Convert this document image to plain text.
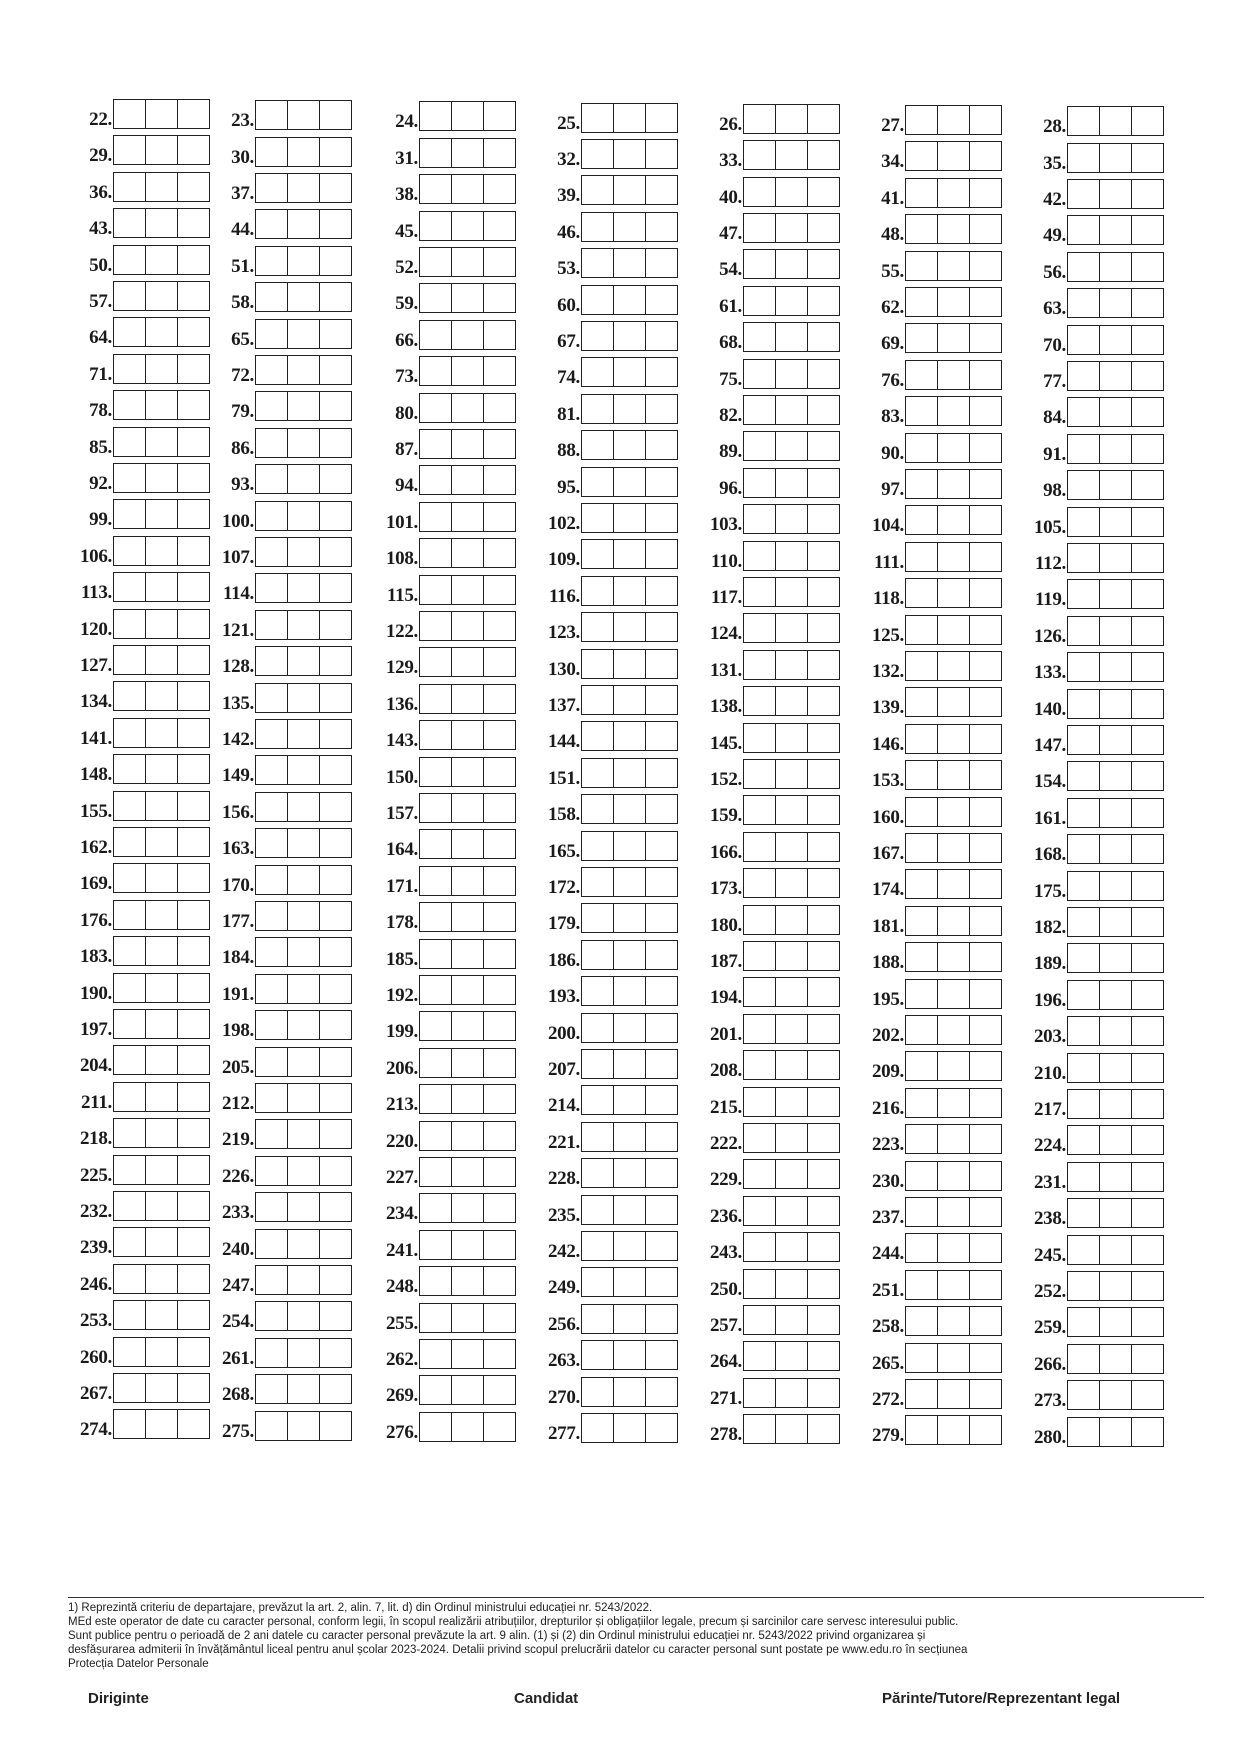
22.	23.	24.	25.	26.	27.	28.
29.	30.	31.	32.	33.	34.	35.
36.	37.	38.	39.	40.	41.	42.
43.	44.	45.	46.	47.	48.	49.
50.	51.	52.	53.	54.	55.	56.
57.	58.	59.	60.	61.	62.	63.
64.	65.	66.	67.	68.	69.	70.
71.	72.	73.	74.	75.	76.	77.
78.	79.	80.	81.	82.	83.	84.
85.	86.	87.	88.	89.	90.	91.
92.	93.	94.	95.	96.	97.	98.
99.	100.	101.	102.	103.	104.	105.
106.	107.	108.	109.	110.	111.	112.
113.	114.	115.	116.	117.	118.	119.
120.	121.	122.	123.	124.	125.	126.
127.	128.	129.	130.	131.	132.	133.
134.	135.	136.	137.	138.	139.	140.
141.	142.	143.	144.	145.	146.	147.
148.	149.	150.	151.	152.	153.	154.
155.	156.	157.	158.	159.	160.	161.
162.	163.	164.	165.	166.	167.	168.
169.	170.	171.	172.	173.	174.	175.
176.	177.	178.	179.	180.	181.	182.
183.	184.	185.	186.	187.	188.	189.
190.	191.	192.	193.	194.	195.	196.
197.	198.	199.	200.	201.	202.	203.
204.	205.	206.	207.	208.	209.	210.
211.	212.	213.	214.	215.	216.	217.
218.	219.	220.	221.	222.	223.	224.
225.	226.	227.	228.	229.	230.	231.
232.	233.	234.	235.	236.	237.	238.
239.	240.	241.	242.	243.	244.	245.
246.	247.	248.	249.	250.	251.	252.
253.	254.	255.	256.	257.	258.	259.
260.	261.	262.	263.	264.	265.	266.
267.	268.	269.	270.	271.	272.	273.
274.	275.	276.	277.	278.	279.	280.

1) Reprezintă criteriu de departajare, prevăzut la art. 2, alin. 7, lit. d) din Ordinul ministrului educației nr. 5243/2022.

MEd este operator de date cu caracter personal, conform legii, în scopul realizării atribuțiilor, drepturilor și obligațiilor legale, precum și sarcinilor care servesc interesului public.

Sunt publice pentru o perioadă de 2 ani datele cu caracter personal prevăzute la art. 9 alin. (1) și (2) din Ordinul ministrului educației nr. 5243/2022 privind organizarea și

desfășurarea admiterii în învățământul liceal pentru anul școlar 2023-2024. Detalii privind scopul prelucrării datelor cu caracter personal sunt postate pe www.edu.ro în secțiunea

Protecția Datelor Personale

Diriginte	Candidat	Părinte/Tutore/Reprezentant legal
